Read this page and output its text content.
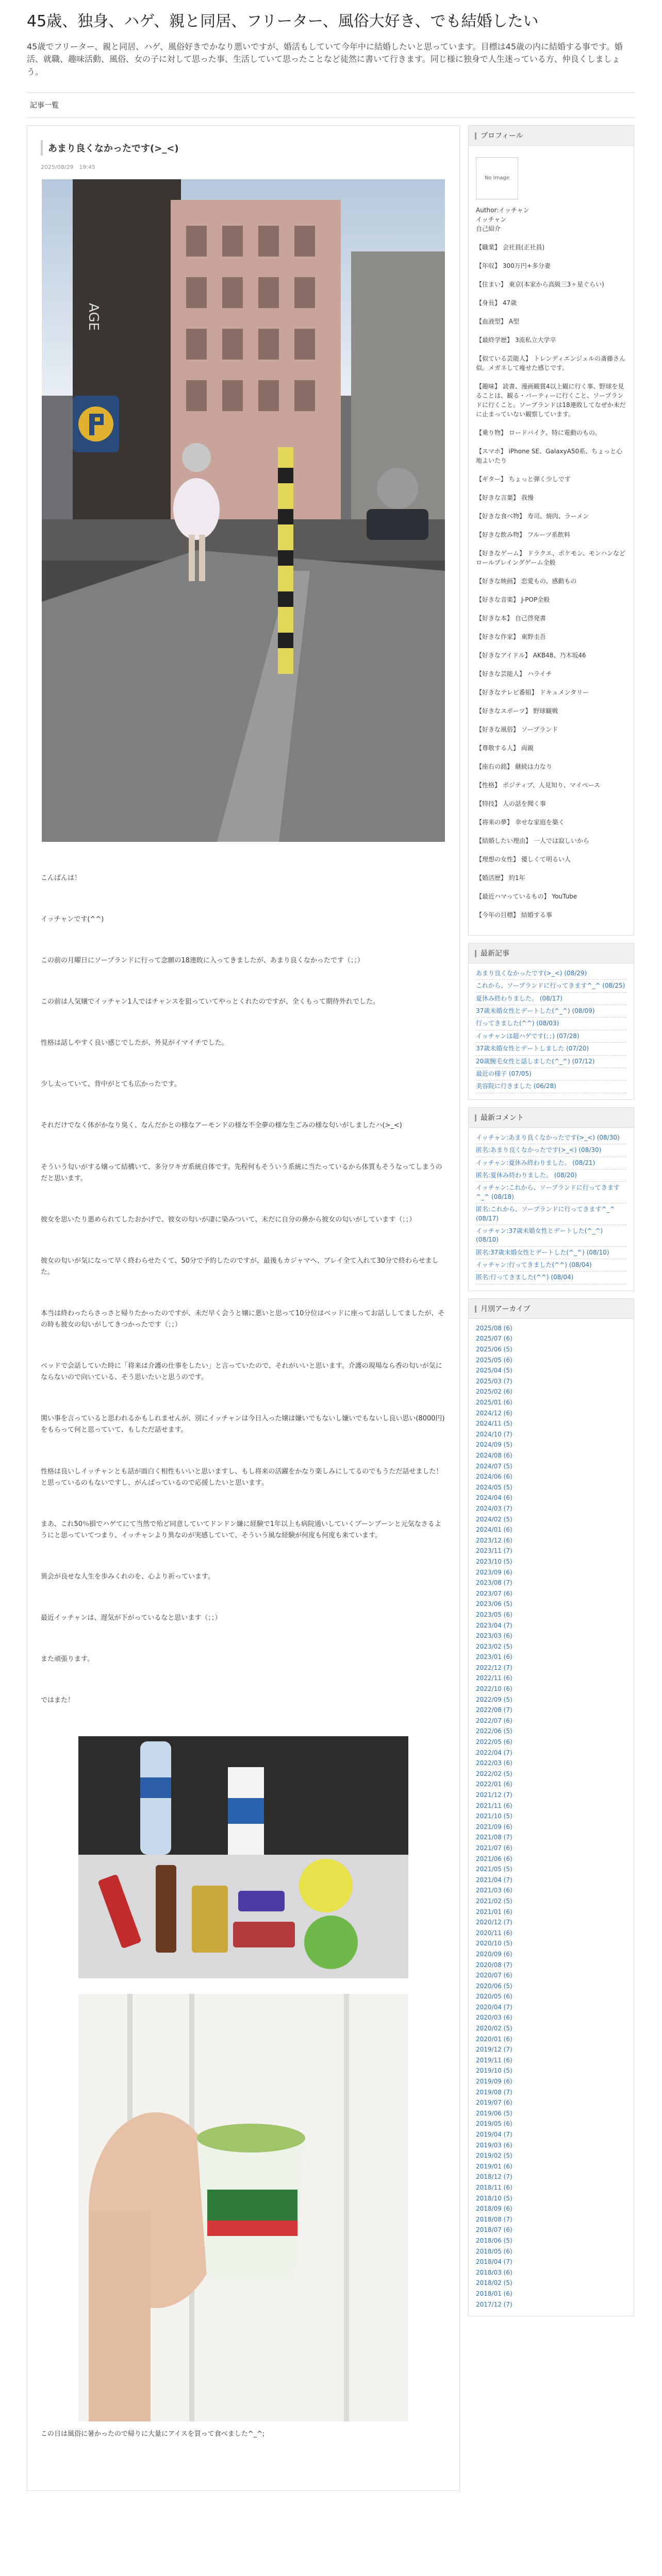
45歳、独身、ハゲ、親と同居、フリーター、風俗大好き、でも結婚したい

45歳でフリーター、親と同居、ハゲ、風俗好きでかなり悪いですが、婚活もしていて今年中に結婚したいと思っています。目標は45歳の内に結婚する事です。婚活、就職、趣味活動、風俗、女の子に対して思った事、生活していて思ったことなど徒然に書いて行きます。同じ様に独身で人生迷っている方、仲良くしましょう。

記事一覧
あまり良くなかったです(>_<)
2025/08/29　19:45
AGE

こんばんは！

イッチャンです(^^)

この前の月曜日にソープランドに行って念願の18連敗に入ってきましたが、あまり良くなかったです（；；）

この前は人気嬢でイッチャン1人ではチャンスを狙っていてやっとくれたのですが、全くもって期待外れでした。

性格は話しやすく良い感じでしたが、外見がイマイチでした。

少し太っていて、背中がとても広かったです。

それだけでなく体がかなり臭く、なんだかとの様なアーモンドの様な不全夢の様な生ごみの様な匂いがしましたハ(>_<)

そういう匂いがする嬢って結構いて、多分ワキガ系統自体です。先程何もそういう系統に当たっているから体質もそうなってしまうのだと思います。

彼女を思いたり悪められてしたおかげで、彼女の匂いが凄に染みついて、未だに自分の鼻から彼女の匂いがしています（；；）

彼女の匂いが気になって早く終わらせたくて、50分で予約したのですが、最後もカジャマへ、ブレイ全て入れて30分で終わらせました。

本当は終わったらさっさと帰りたかったのですが、未だ早く会うと嬢に悪いと思って10分位はベッドに座ってお話ししてましたが、その時も彼女の匂いがしてきつかったです（；；）

ベッドで会話していた時に「将来は介護の仕事をしたい」と言っていたので、それがいいと思います。介護の現場なら香の匂いが気にならないので向いている、そう思いたいと思うのです。

関い事を言っていると思われるかもしれませんが、別にイッチャンは今日入った嬢は嫌いでもないし嫌いでもないし良い思い(8000円)をもらって何と思っていて、もしただ話せます。

性格は良いしイッチャンとも話が面白く相性もいいと思いますし、もし将来の活躍をかなり楽しみにしてるのでもうただ話せました！と思っているのもないですし、がんばっているので応援したいと思います。

まあ、これ50％損でハゲてにて当然で殆ど同意していてドンドン嫌に経験で1年以上も病院通いしていくブーンブーンと元気なさるようにと思っていてつまり、イッチャンより異なのが実感していて、そういう風な経験が何度も何度も来ています。

異会が良せな人生を歩みくれのを、心より祈っています。

最近イッチャンは、遅気が下がっているなと思います（；；）

また頑張ります。

ではまた！

この日は風俗に暑かったので帰りに大量にアイスを買って食べました^_^;

プロフィール
No Image
Author:イッチャン
イッチャン
自己紹介
【職業】 会社員(正社員)
【年収】 300万円+多分妻
【住まい】 東京(本家から高級三3ヶ星ぐらい)
【身長】 47歳
【血液型】 A型
【最終学歴】 3流私立大学卒
【似ている芸能人】 トレンディエンジェルの斎藤さん似。メガネして痩せた感じです。
【趣味】 読書、漫画観賞4以上観に行く事、野球を見ることは、観る・パーティーに行くこと、ソープランドに行くこと。ソープランドは18連敗してなぜか未だに止まっていない観察しています。
【乗り物】 ロードバイク、特に電動のもの。
【スマホ】 iPhone SE、GalaxyA50系、ちょっと心地よいたり
【ギター】 ちょっと弾く少しです
【好きな言葉】 我慢
【好きな食べ物】 寿司、焼肉、ラーメン
【好きな飲み物】 フルーツ系飲料
【好きなゲーム】 ドラクエ、ポケモン、モンハンなどロールプレイングゲーム全般
【好きな映画】 恋愛もの、感動もの
【好きな音楽】 J-POP全般
【好きな本】 自己啓発書
【好きな作家】 東野圭吾
【好きなアイドル】 AKB48、乃木坂46
【好きな芸能人】 ハライチ
【好きなテレビ番組】 ドキュメンタリー
【好きなスポーツ】 野球観戦
【好きな風俗】 ソープランド
【尊敬する人】 両親
【座右の銘】 継続は力なり
【性格】 ポジティブ、人見知り、マイペース
【特技】 人の話を聞く事
【将来の夢】 幸せな家庭を築く
【結婚したい理由】 一人では寂しいから
【理想の女性】 優しくて明るい人
【婚活歴】 約1年
【最近ハマっているもの】 YouTube
【今年の目標】 結婚する事
最新記事
あまり良くなかったです(>_<) (08/29)
これから、ソープランドに行ってきます^_^ (08/25)
夏休み終わりました。 (08/17)
37歳未婚女性とデートした(^_^) (08/09)
行ってきました(^^) (08/03)
イッチャンは超ハゲです(；；) (07/28)
37歳未婚女性とデートしました (07/20)
20歳腕毛女性と話しました(^_^) (07/12)
最近の様子 (07/05)
美容院に行きました (06/28)
最新コメント
イッチャン:あまり良くなかったです(>_<) (08/30)
匿名:あまり良くなかったです(>_<) (08/30)
イッチャン:夏休み終わりました。 (08/21)
匿名:夏休み終わりました。 (08/20)
イッチャン:これから、ソープランドに行ってきます^_^ (08/18)
匿名:これから、ソープランドに行ってきます^_^ (08/17)
イッチャン:37歳未婚女性とデートした(^_^) (08/10)
匿名:37歳未婚女性とデートした(^_^) (08/10)
イッチャン:行ってきました(^^) (08/04)
匿名:行ってきました(^^) (08/04)
月別アーカイブ
2025/08 (6)
2025/07 (6)
2025/06 (5)
2025/05 (6)
2025/04 (5)
2025/03 (7)
2025/02 (6)
2025/01 (6)
2024/12 (6)
2024/11 (5)
2024/10 (7)
2024/09 (5)
2024/08 (6)
2024/07 (5)
2024/06 (6)
2024/05 (5)
2024/04 (6)
2024/03 (7)
2024/02 (5)
2024/01 (6)
2023/12 (6)
2023/11 (7)
2023/10 (5)
2023/09 (6)
2023/08 (7)
2023/07 (6)
2023/06 (5)
2023/05 (6)
2023/04 (7)
2023/03 (6)
2023/02 (5)
2023/01 (6)
2022/12 (7)
2022/11 (6)
2022/10 (6)
2022/09 (5)
2022/08 (7)
2022/07 (6)
2022/06 (5)
2022/05 (6)
2022/04 (7)
2022/03 (6)
2022/02 (5)
2022/01 (6)
2021/12 (7)
2021/11 (6)
2021/10 (5)
2021/09 (6)
2021/08 (7)
2021/07 (6)
2021/06 (6)
2021/05 (5)
2021/04 (7)
2021/03 (6)
2021/02 (5)
2021/01 (6)
2020/12 (7)
2020/11 (6)
2020/10 (5)
2020/09 (6)
2020/08 (7)
2020/07 (6)
2020/06 (5)
2020/05 (6)
2020/04 (7)
2020/03 (6)
2020/02 (5)
2020/01 (6)
2019/12 (7)
2019/11 (6)
2019/10 (5)
2019/09 (6)
2019/08 (7)
2019/07 (6)
2019/06 (5)
2019/05 (6)
2019/04 (7)
2019/03 (6)
2019/02 (5)
2019/01 (6)
2018/12 (7)
2018/11 (6)
2018/10 (5)
2018/09 (6)
2018/08 (7)
2018/07 (6)
2018/06 (5)
2018/05 (6)
2018/04 (7)
2018/03 (6)
2018/02 (5)
2018/01 (6)
2017/12 (7)
